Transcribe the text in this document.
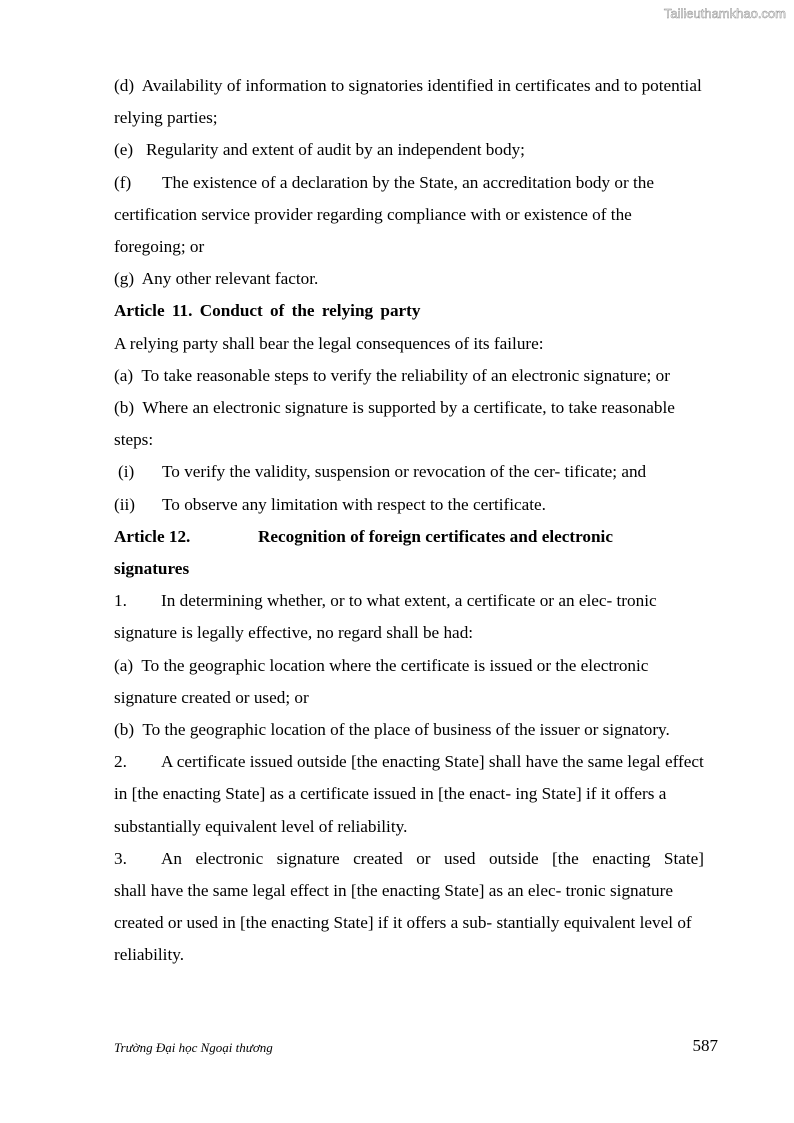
Tailieuthamkhao.com

(d) Availability of information to signatories identified in certificates and to potential relying parties;

(e) Regularity and extent of audit by an independent body;

(f) The existence of a declaration by the State, an accreditation body or the certification service provider regarding compliance with or existence of the foregoing; or

(g) Any other relevant factor.

Article 11. Conduct of the relying party

A relying party shall bear the legal consequences of its failure:

(a) To take reasonable steps to verify the reliability of an electronic signature; or

(b) Where an electronic signature is supported by a certificate, to take reasonable steps:

(i) To verify the validity, suspension or revocation of the cer- tificate; and

(ii) To observe any limitation with respect to the certificate.

Article 12.	Recognition of foreign certificates and electronic

signatures

1. In determining whether, or to what extent, a certificate or an elec- tronic signature is legally effective, no regard shall be had:

(a) To the geographic location where the certificate is issued or the electronic signature created or used; or

(b) To the geographic location of the place of business of the issuer or signatory.

2. A certificate issued outside [the enacting State] shall have the same legal effect in [the enacting State] as a certificate issued in [the enact- ing State] if it offers a substantially equivalent level of reliability.

3. An electronic signature created or used outside [the enacting State]

shall have the same legal effect in [the enacting State] as an elec- tronic signature created or used in [the enacting State] if it offers a sub- stantially equivalent level of reliability.

Trường Đại học Ngoại thương	587
